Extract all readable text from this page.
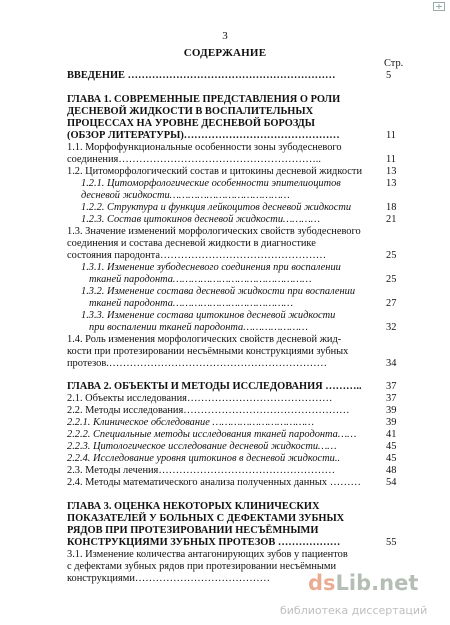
3
СОДЕРЖАНИЕ
Стр.
ВВЕДЕНИЕ ……………………………………………………	5
ГЛАВА 1. СОВРЕМЕННЫЕ ПРЕДСТАВЛЕНИЯ О РОЛИ
ДЕСНЕВОЙ ЖИДКОСТИ В ВОСПАЛИТЕЛЬНЫХ
ПРОЦЕССАХ НА УРОВНЕ ДЕСНЕВОЙ БОРОЗДЫ
(ОБЗОР ЛИТЕРАТУРЫ)………………………………………	11
1.1. Морфофункциональные особенности зоны зубодесневого
соединения…………………………………………………..	11
1.2. Цитоморфологический состав и цитокины десневой жидкости 13
1.2.1. Цитоморфологические особенности эпителиоцитов	13
десневой жидкости…………………………………
1.2.2. Структура и функция лейкоцитов десневой жидкости	18
1.2.3. Состав цитокинов десневой жидкости…………	21
1.3. Значение изменений морфологических свойств зубодесневого
соединения и состава десневой жидкости в диагностике
состояния пародонта…………………………………………	25
1.3.1. Изменение зубодесневого соединения при воспалении
тканей пародонта………………………………………	25
1.3.2. Изменение состава десневой жидкости при воспалении
тканей пародонта…………………………………	27
1.3.3. Изменение состава цитокинов десневой жидкости
при воспалении тканей пародонта…………………	32
1.4. Роль изменения морфологических свойств десневой жид-
кости при протезировании несъёмными конструкциями зубных
протезов.………………………………………………………	34
ГЛАВА 2. ОБЪЕКТЫ И МЕТОДЫ ИССЛЕДОВАНИЯ ……….. 37
2.1. Объекты исследования……………………………………	37
2.2. Методы исследования…………………………………………	39
2.2.1. Клиническое обследование ……………………………	39
2.2.2. Специальные методы исследования тканей пародонта……	41
2.2.3. Цитологическое исследование десневой жидкости……	45
2.2.4. Исследование уровня цитокинов в десневой жидкости..	45
2.3. Методы лечения……………………………………………	48
2.4. Методы математического анализа полученных данных ……… 54
ГЛАВА 3. ОЦЕНКА НЕКОТОРЫХ КЛИНИЧЕСКИХ
ПОКАЗАТЕЛЕЙ У БОЛЬНЫХ С ДЕФЕКТАМИ ЗУБНЫХ
РЯДОВ ПРИ ПРОТЕЗИРОВАНИИ НЕСЪЁМНЫМИ
КОНСТРУКЦИЯМИ ЗУБНЫХ ПРОТЕЗОВ ………………	55
3.1. Изменение количества антагонирующих зубов у пациентов
с дефектами зубных рядов при протезировании несъёмными
конструкциями………………………………… dsLib.net
библиотека диссертаций
